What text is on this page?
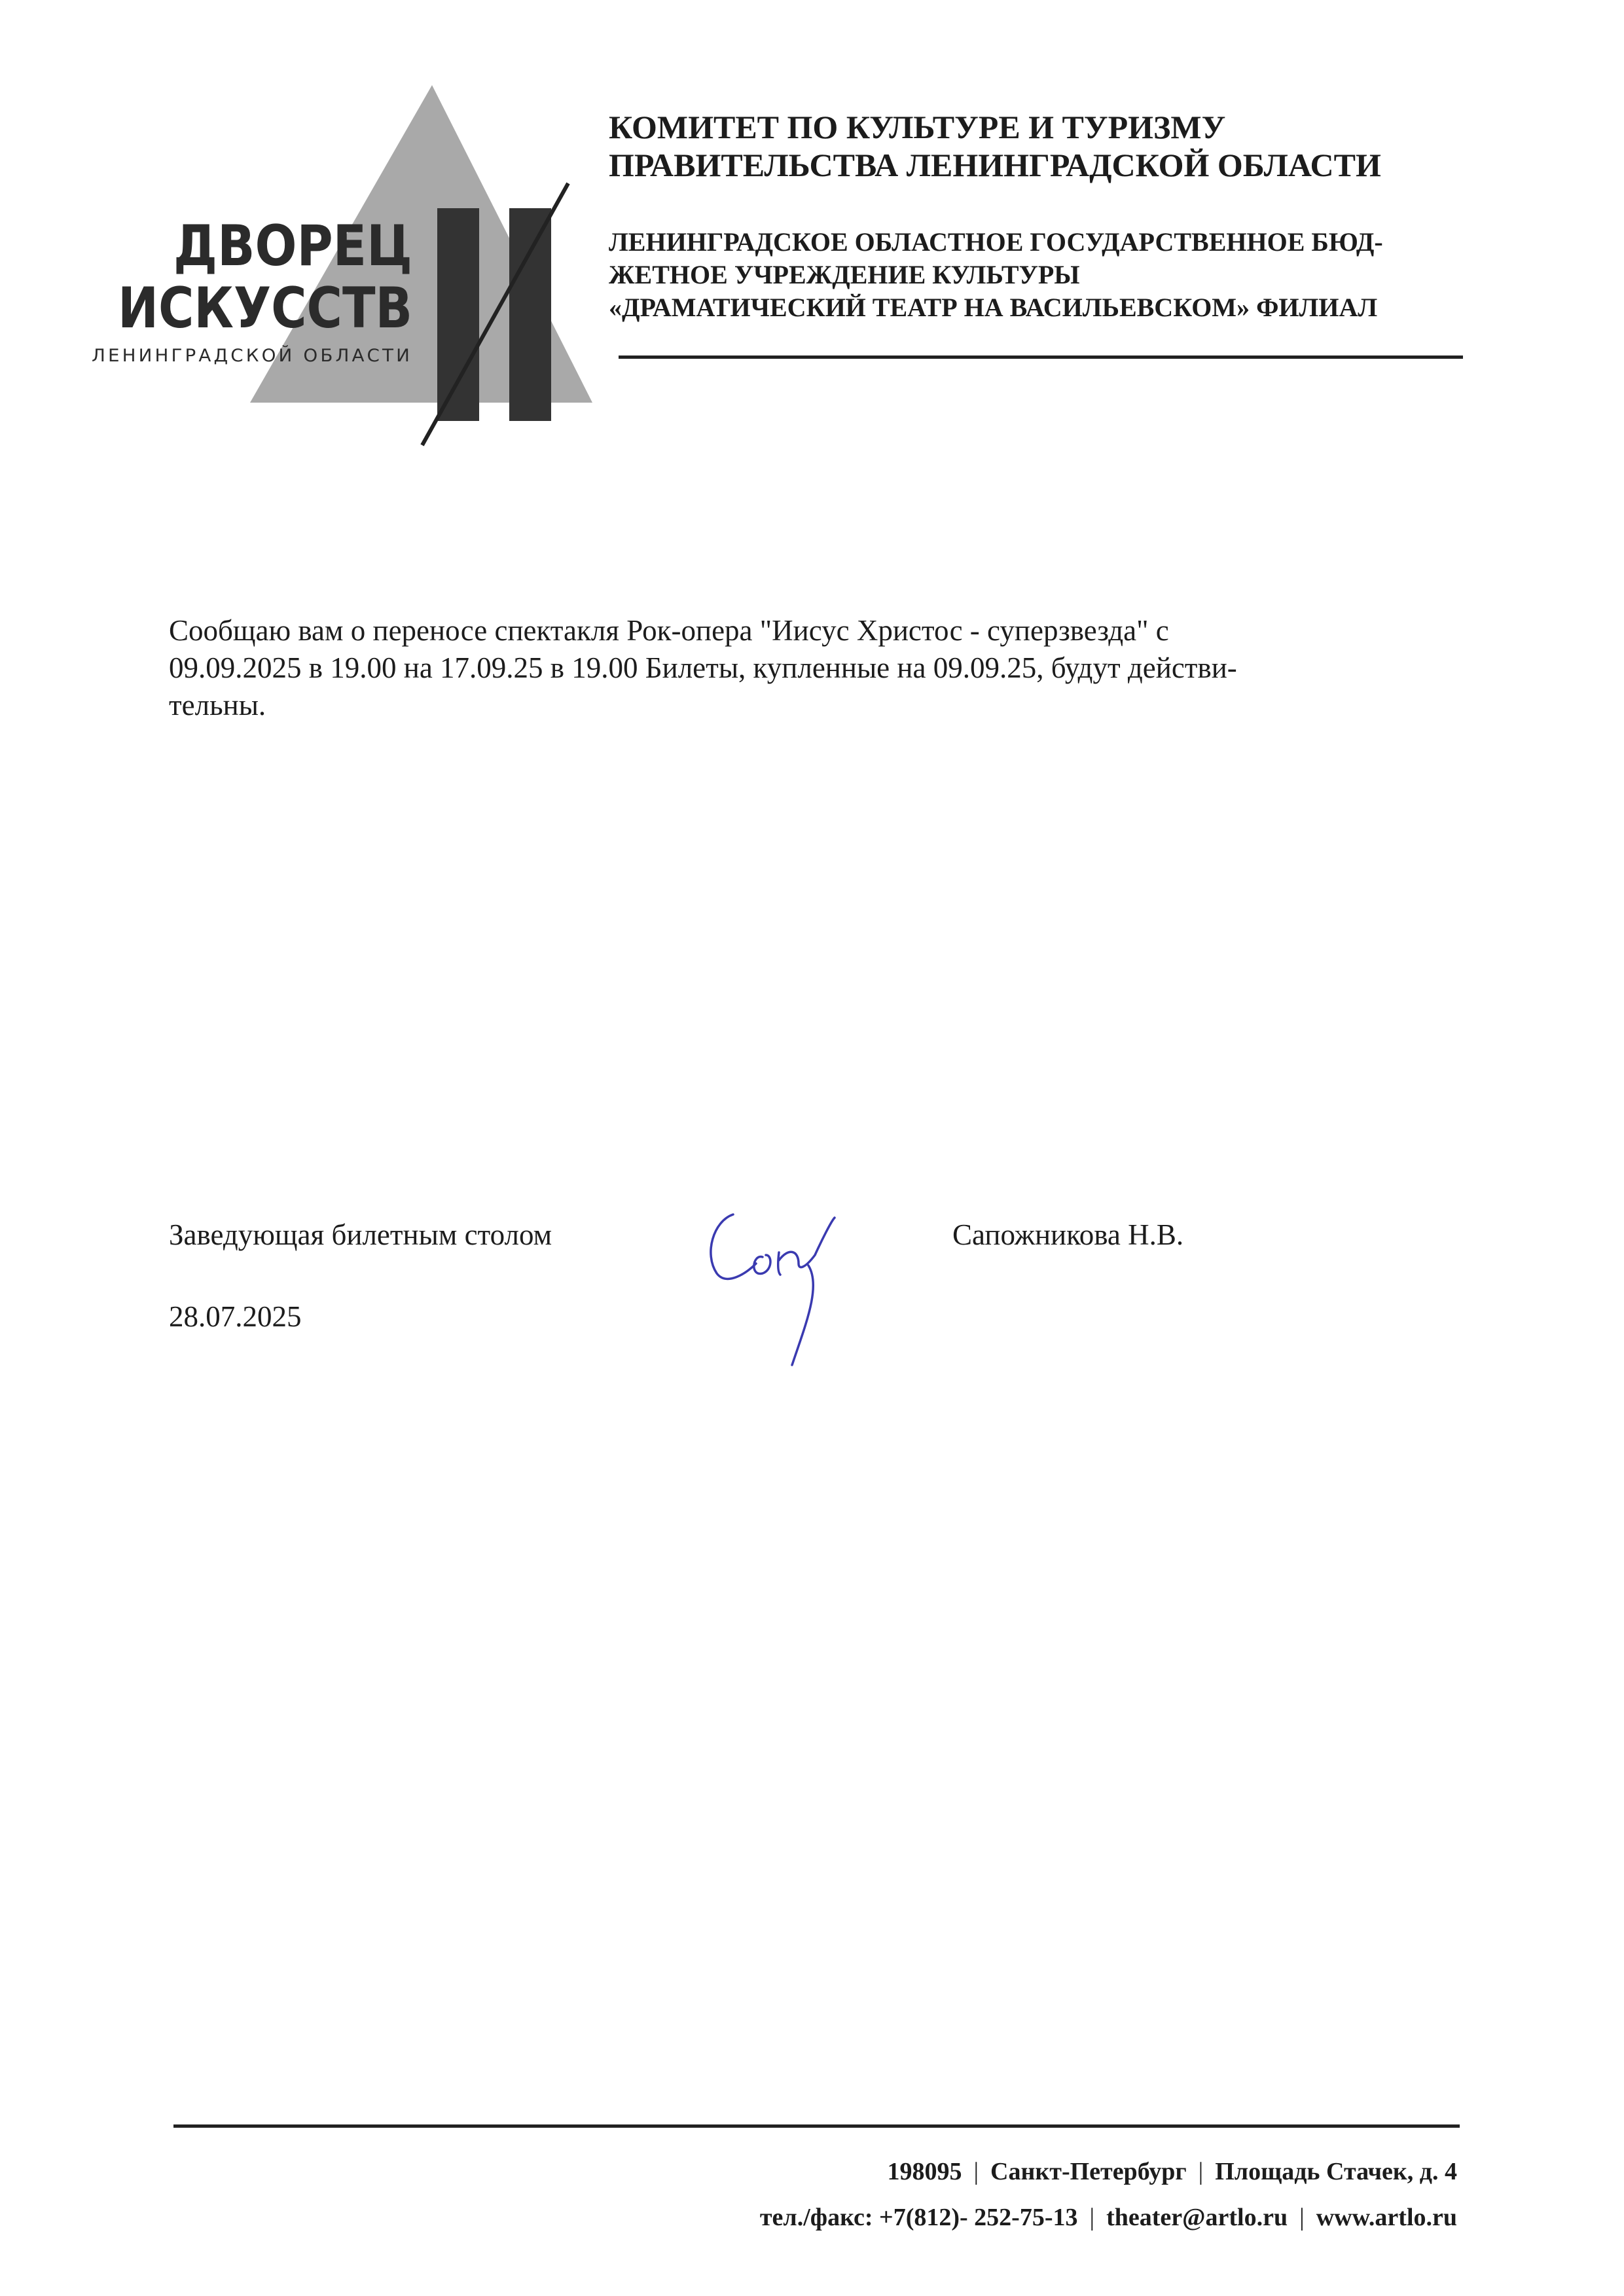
ДВОРЕЦ
ИСКУССТВ
ЛЕНИНГРАДСКОЙ ОБЛАСТИ
КОМИТЕТ ПО КУЛЬТУРЕ И ТУРИЗМУ
ПРАВИТЕЛЬСТВА ЛЕНИНГРАДСКОЙ ОБЛАСТИ
ЛЕНИНГРАДСКОЕ ОБЛАСТНОЕ ГОСУДАРСТВЕННОЕ БЮД-
ЖЕТНОЕ УЧРЕЖДЕНИЕ КУЛЬТУРЫ
«ДРАМАТИЧЕСКИЙ ТЕАТР НА ВАСИЛЬЕВСКОМ» ФИЛИАЛ
Сообщаю вам о переносе спектакля Рок-опера "Иисус Христос - суперзвезда" с
09.09.2025 в 19.00 на 17.09.25 в 19.00 Билеты, купленные на 09.09.25, будут действи-
тельны.
Заведующая билетным столом	Сапожникова Н.В.
28.07.2025
198095 | Санкт-Петербург | Площадь Стачек, д. 4
тел./факс: +7(812)- 252-75-13 | theater@artlo.ru | www.artlo.ru
